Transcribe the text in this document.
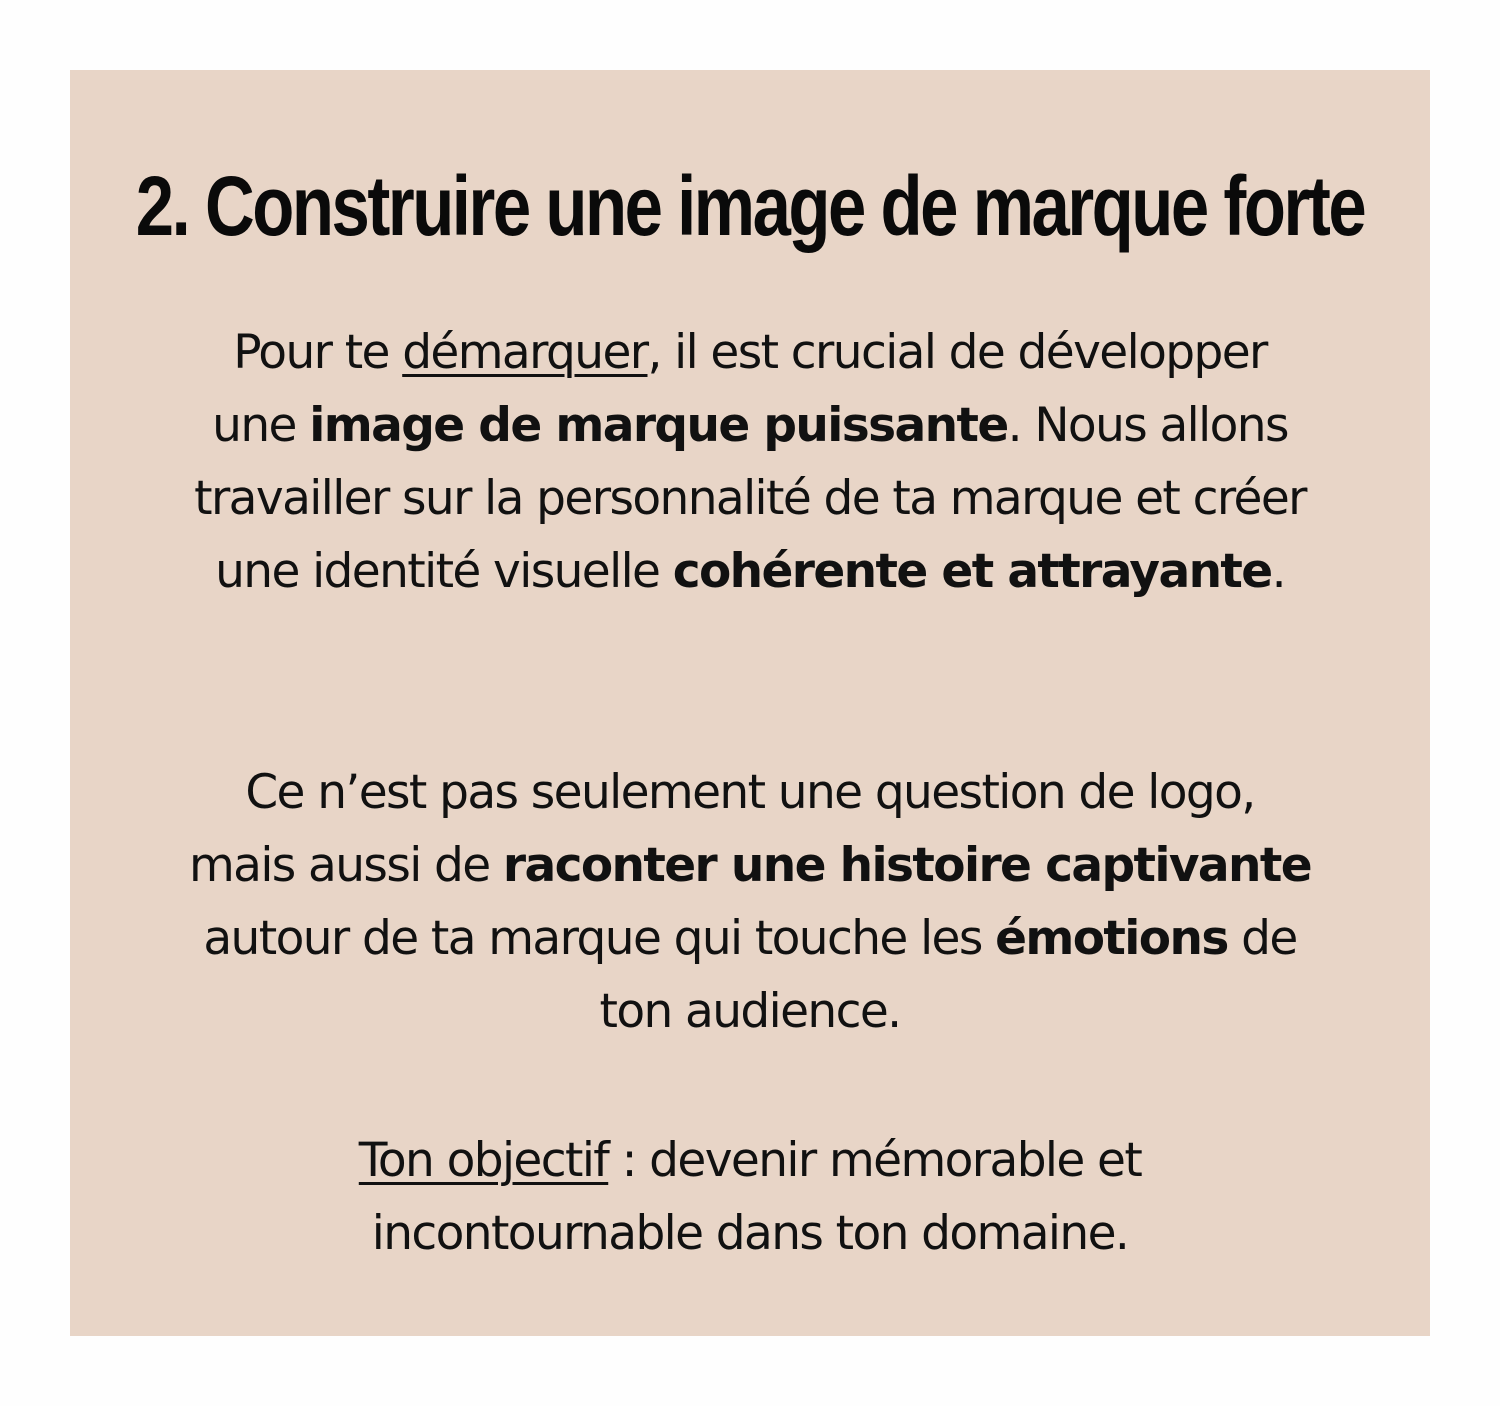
2. Construire une image de marque forte

Pour te démarquer, il est crucial de développer
une image de marque puissante. Nous allons
travailler sur la personnalité de ta marque et créer
une identité visuelle cohérente et attrayante.

Ce n’est pas seulement une question de logo,
mais aussi de raconter une histoire captivante
autour de ta marque qui touche les émotions de
ton audience.

Ton objectif : devenir mémorable et
incontournable dans ton domaine.
